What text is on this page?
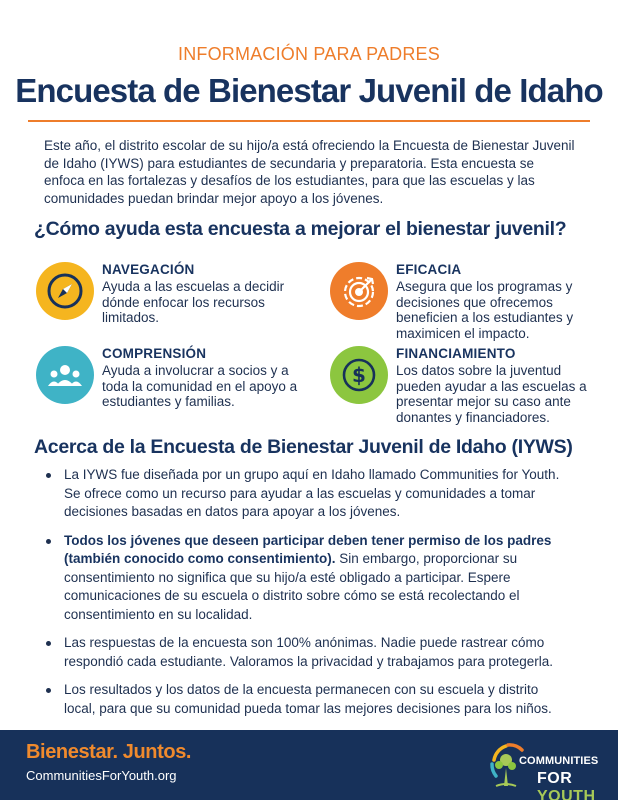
INFORMACIÓN PARA PADRES
Encuesta de Bienestar Juvenil de Idaho

Este año, el distrito escolar de su hijo/a está ofreciendo la Encuesta de Bienestar Juvenil de Idaho (IYWS) para estudiantes de secundaria y preparatoria. Esta encuesta se enfoca en las fortalezas y desafíos de los estudiantes, para que las escuelas y las comunidades puedan brindar mejor apoyo a los jóvenes.

¿Cómo ayuda esta encuesta a mejorar el bienestar juvenil?
NAVEGACIÓN
Ayuda a las escuelas a decidir dónde enfocar los recursos limitados.
EFICACIA
Asegura que los programas y decisiones que ofrecemos beneficien a los estudiantes y maximicen el impacto.
COMPRENSIÓN
Ayuda a involucrar a socios y a toda la comunidad en el apoyo a estudiantes y familias.
$
FINANCIAMIENTO
Los datos sobre la juventud pueden ayudar a las escuelas a presentar mejor su caso ante donantes y financiadores.
Acerca de la Encuesta de Bienestar Juvenil de Idaho (IYWS)
La IYWS fue diseñada por un grupo aquí en Idaho llamado Communities for Youth. Se ofrece como un recurso para ayudar a las escuelas y comunidades a tomar decisiones basadas en datos para apoyar a los jóvenes.
Todos los jóvenes que deseen participar deben tener permiso de los padres (también conocido como consentimiento). Sin embargo, proporcionar su consentimiento no significa que su hijo/a esté obligado a participar. Espere comunicaciones de su escuela o distrito sobre cómo se está recolectando el consentimiento en su localidad.
Las respuestas de la encuesta son 100% anónimas. Nadie puede rastrear cómo respondió cada estudiante. Valoramos la privacidad y trabajamos para protegerla.
Los resultados y los datos de la encuesta permanecen con su escuela y distrito local, para que su comunidad pueda tomar las mejores decisiones para los niños.
Bienestar. Juntos.
CommunitiesForYouth.org
COMMUNITIES
FOR YOUTH
